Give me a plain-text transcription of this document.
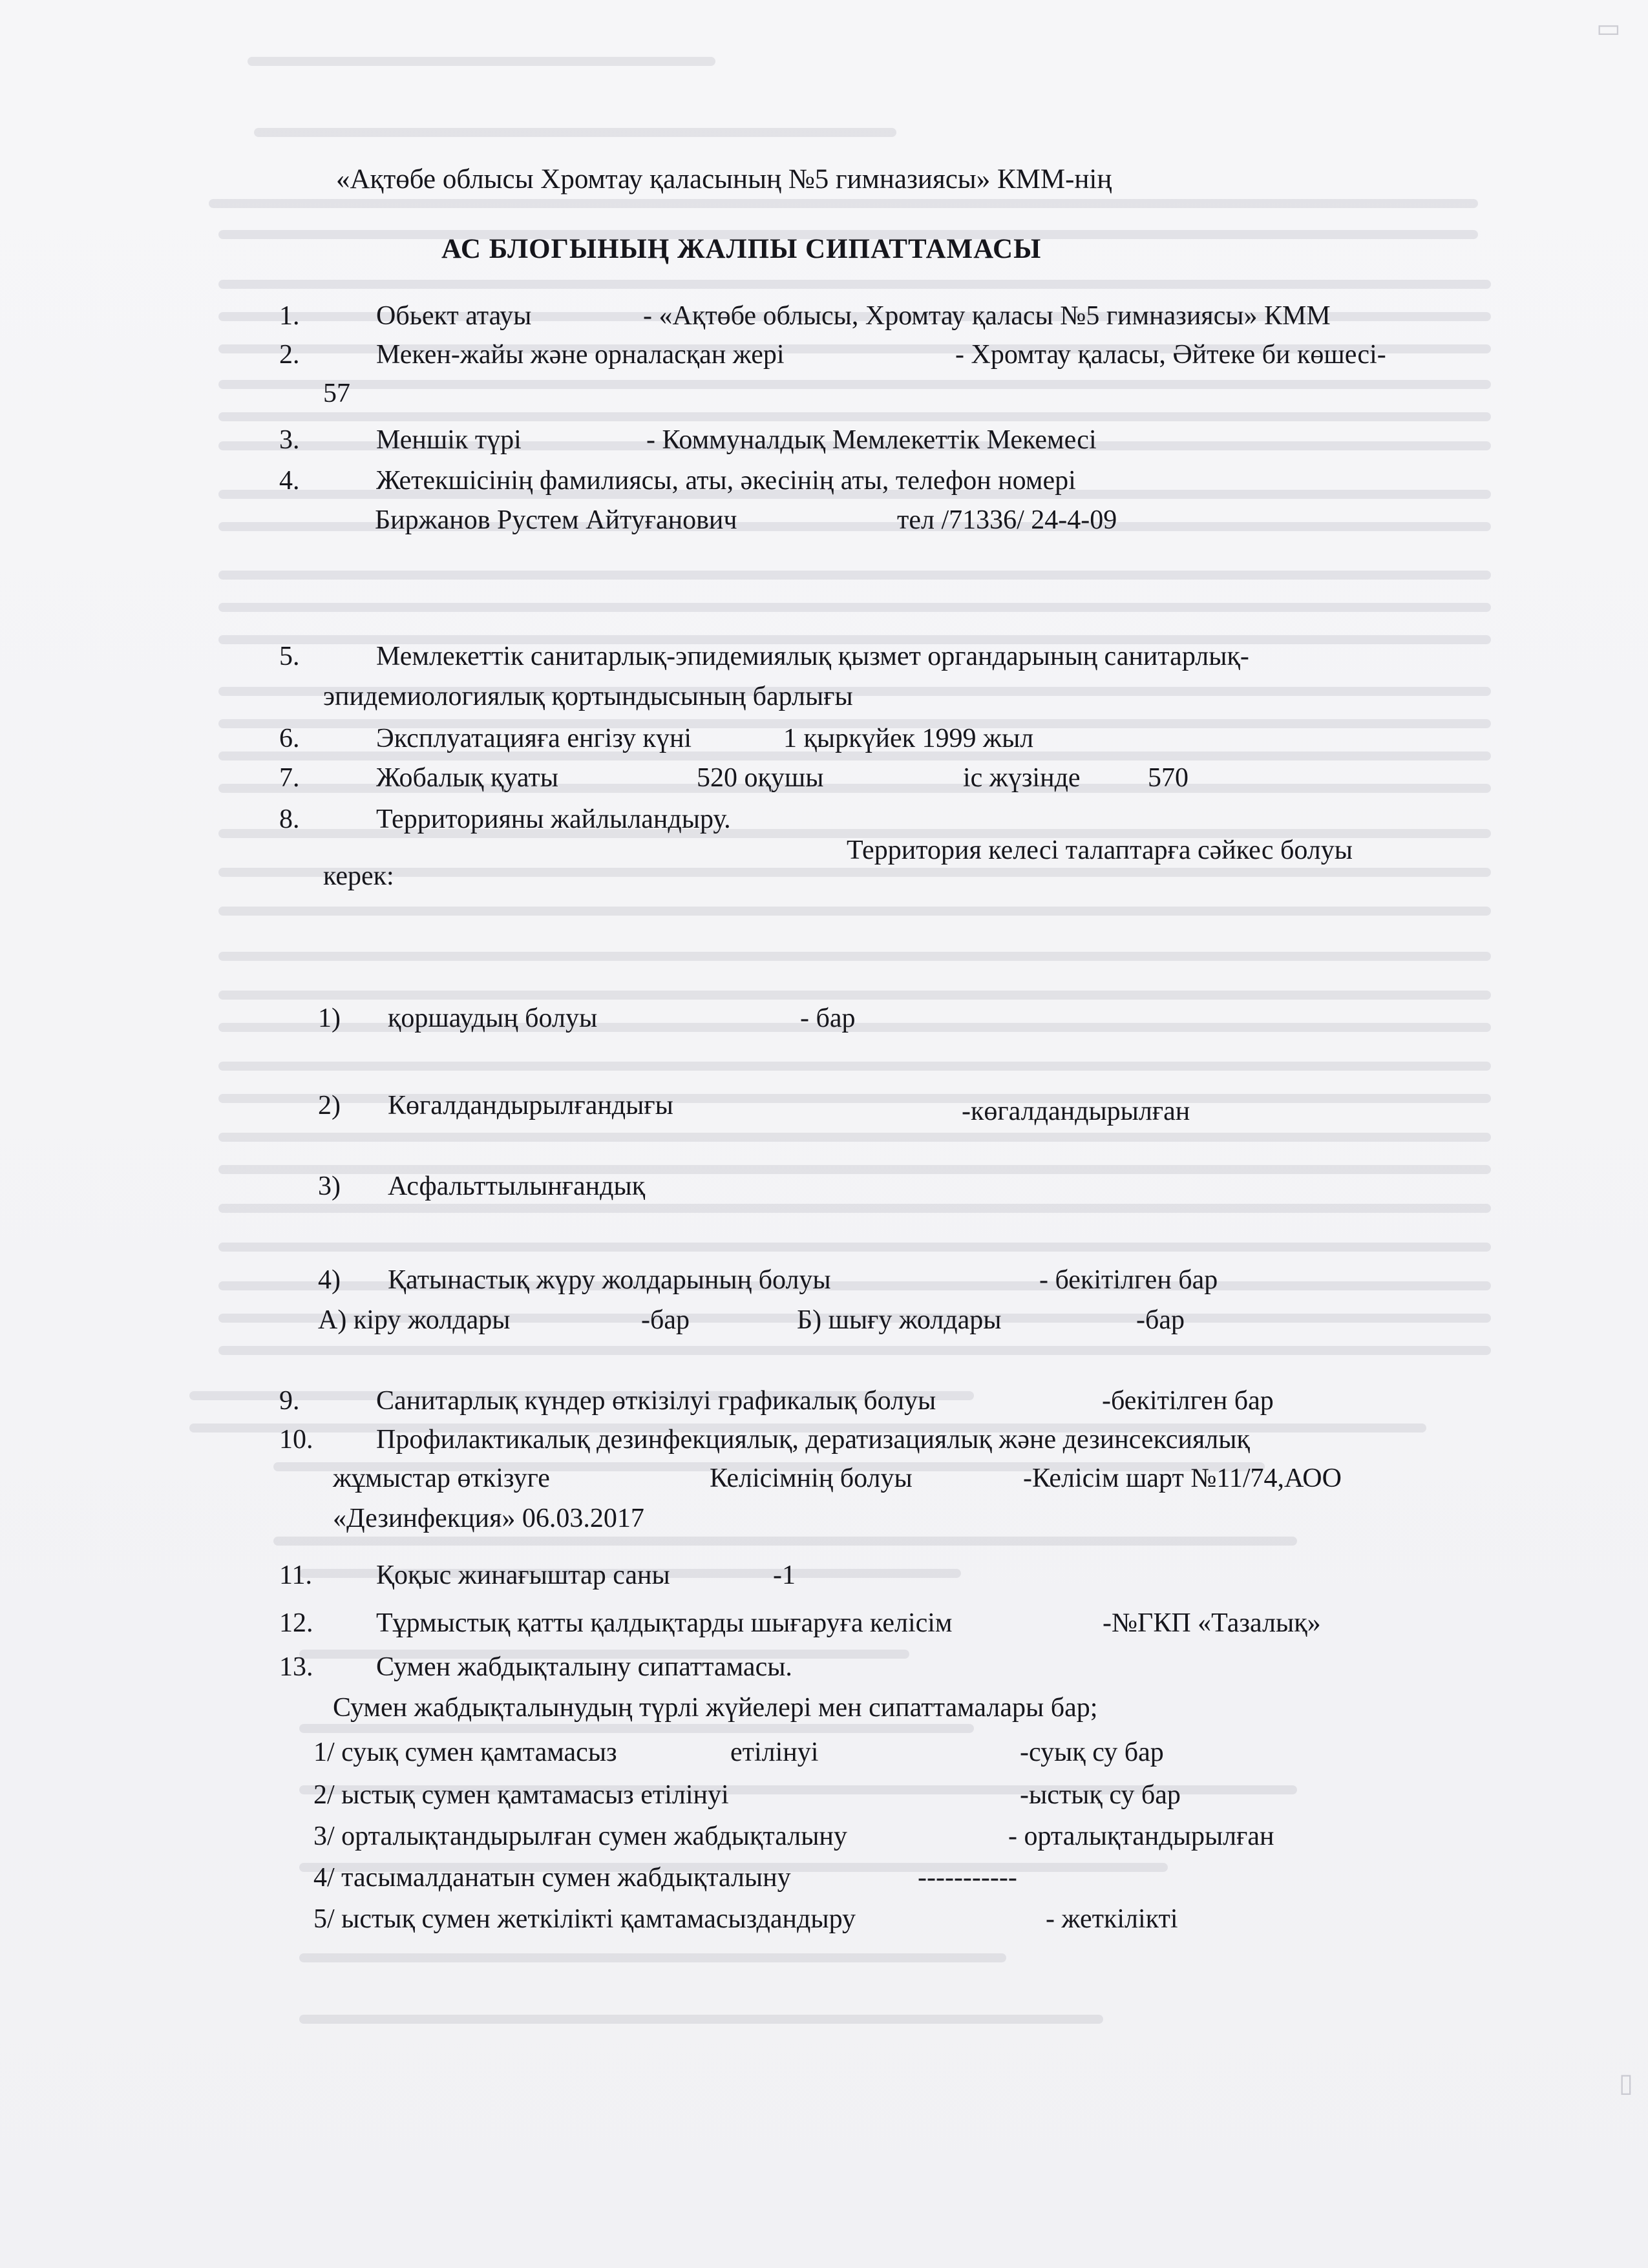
▭
▯
«Ақтөбе облысы Хромтау қаласының №5 гимназиясы» КММ-нің
АС БЛОГЫНЫҢ ЖАЛПЫ СИПАТТАМАСЫ
1.	Обьект атауы	- «Ақтөбе облысы, Хромтау қаласы №5 гимназиясы» КММ
2.	Мекен-жайы және орналасқан жері	- Хромтау қаласы, Әйтеке би көшесі-
57
3.	Меншік түрі	- Коммуналдық Мемлекеттік Мекемесі
4.	Жетекшісінің фамилиясы, аты, әкесінің аты, телефон номері
Биржанов Рустем Айтуғанович	тел /71336/ 24-4-09
5.	Мемлекеттік санитарлық-эпидемиялық қызмет органдарының санитарлық-
эпидемиологиялық қортындысының барлығы
6.	Эксплуатацияға енгізу күні	1 қыркүйек 1999 жыл
7.	Жобалық қуаты	520 оқушы	іс жүзінде 570
8.	Территорияны жайлыландыру.
Территория келесі талаптарға сәйкес болуы
керек:
1) қоршаудың болуы	- бар
2) Көгалдандырылғандығы	-көгалдандырылған
3) Асфальттылынғандық
4) Қатынастық жүру жолдарының болуы	- бекітілген бар
А) кіру жолдары	-бар	Б) шығу жолдары	-бар
9.	Санитарлық күндер өткізілуі графикалық болуы	-бекітілген бар
10. Профилактикалық дезинфекциялық, дератизациялық және дезинсексиялық
жұмыстар өткізуге	Келісімнің болуы	-Келісім шарт №11/74,АОО
«Дезинфекция» 06.03.2017
11. Қоқыс жинағыштар саны	-1
12. Тұрмыстық қатты қалдықтарды шығаруға келісім	-№ГКП «Тазалық»
13. Сумен жабдықталыну сипаттамасы.
Сумен жабдықталынудың түрлі жүйелері мен сипаттамалары бар;
1/ суық сумен қамтамасыз	етілінуі	-суық су бар
2/ ыстық сумен қамтамасыз етілінуі	-ыстық су бар
3/ орталықтандырылған сумен жабдықталыну	- орталықтандырылған
4/ тасымалданатын сумен жабдықталыну	-----------
5/ ыстық сумен жеткілікті қамтамасыздандыру	- жеткілікті
